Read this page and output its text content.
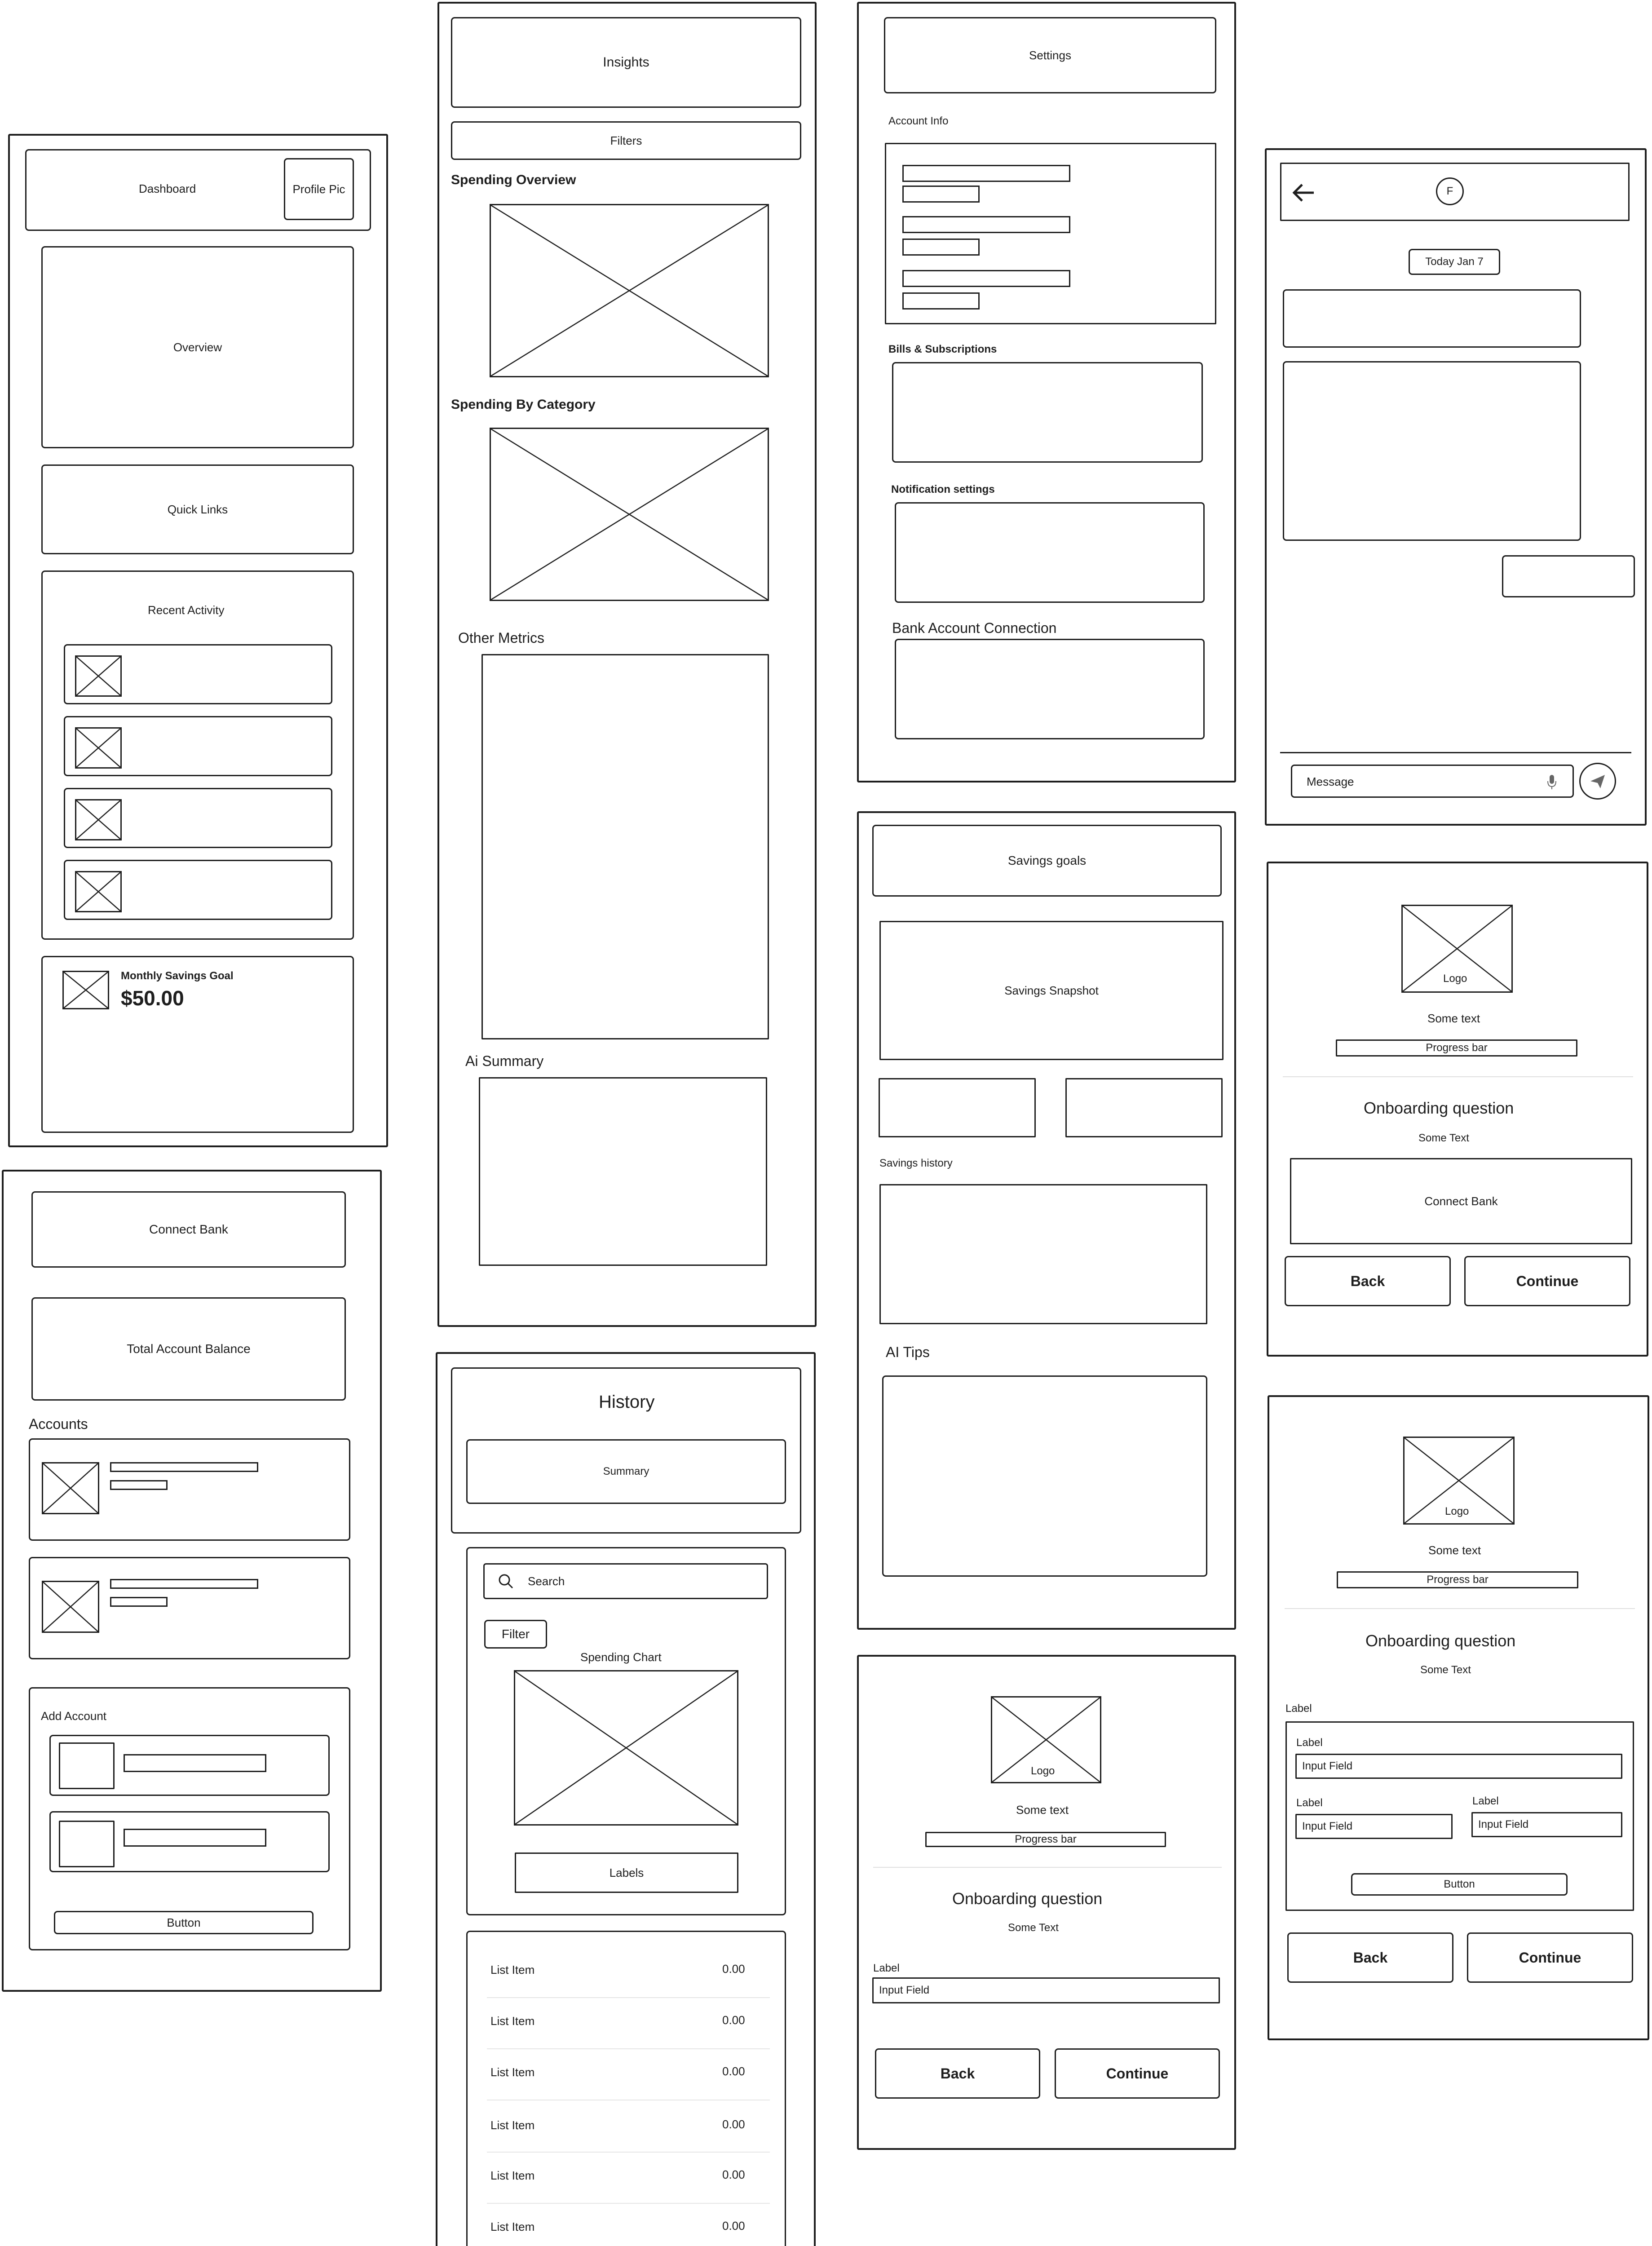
Dashboard	Profile Pic
Overview
Quick Links
Recent Activity
Monthly Savings Goal
$50.00
Connect Bank
Total Account Balance
Accounts
Add Account
Button
Insights
Filters
Spending Overview
Spending By Category
Other Metrics
Ai Summary
History
Summary
Search
Filter
Spending Chart
Labels
List Item	0.00
List Item	0.00
List Item	0.00
List Item	0.00
List Item	0.00
List Item	0.00
Settings
Account Info
Bills & Subscriptions
Notification settings
Bank Account Connection
Savings goals
Savings Snapshot
Savings history
AI Tips
Logo
Some text
Progress bar
Onboarding question
Some Text
Label
Input Field
Back	Continue
F
Today Jan 7
Message
Logo
Some text
Progress bar
Onboarding question
Some Text
Connect Bank
Back	Continue
Logo
Some text
Progress bar
Onboarding question
Some Text
Label
Label
Input Field
Label
Input Field
Label
Input Field
Button
Back	Continue
